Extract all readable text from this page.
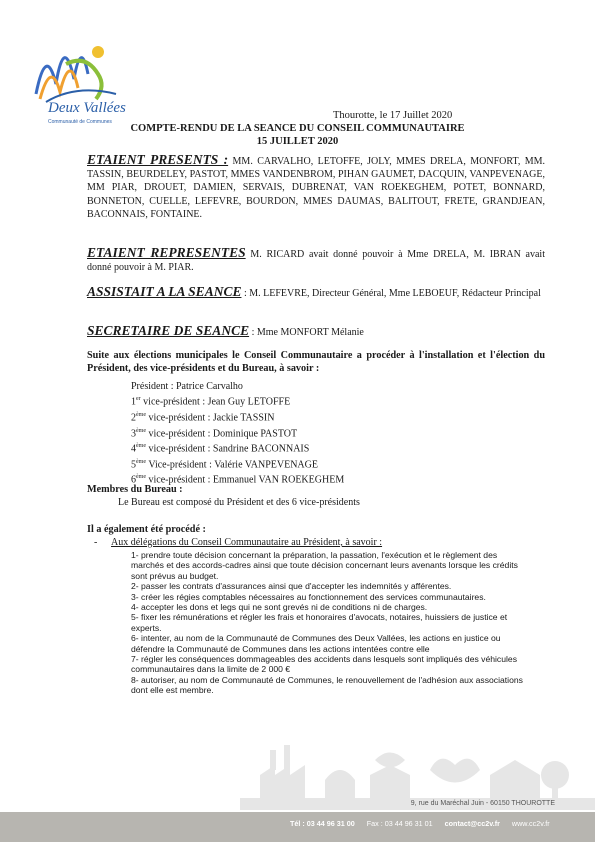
Deux Vallées
Communauté de Communes
Thourotte, le 17 Juillet 2020
COMPTE-RENDU DE LA SEANCE DU CONSEIL COMMUNAUTAIRE
15 JUILLET 2020
ETAIENT PRESENTS : MM. CARVALHO, LETOFFE, JOLY, MMES DRELA, MONFORT, MM. TASSIN, BEURDELEY, PASTOT, MMES VANDENBROM, PIHAN GAUMET, DACQUIN, VANPEVENAGE, MM PIAR, DROUET, DAMIEN, SERVAIS, DUBRENAT, VAN ROEKEGHEM, POTET, BONNARD, BONNETON, CUELLE, LEFEVRE, BOURDON, MMES DAUMAS, BALITOUT, FRETE, GRANDJEAN, BACONNAIS, FONTAINE.
ETAIENT REPRESENTES M. RICARD avait donné pouvoir à Mme DRELA, M. IBRAN avait donné pouvoir à M. PIAR.
ASSISTAIT A LA SEANCE : M. LEFEVRE, Directeur Général, Mme LEBOEUF, Rédacteur Principal
SECRETAIRE DE SEANCE : Mme MONFORT Mélanie
Suite aux élections municipales le Conseil Communautaire a procéder à l'installation et l'élection du Président, des vice-présidents et du Bureau, à savoir :
Président : Patrice Carvalho
1er vice-président : Jean Guy LETOFFE
2ème vice-président : Jackie TASSIN
3ème vice-président : Dominique PASTOT
4ème vice-président : Sandrine BACONNAIS
5ème Vice-président : Valérie VANPEVENAGE
6ème vice-président : Emmanuel VAN ROEKEGHEM
Membres du Bureau :
Le Bureau est composé du Président et des 6 vice-présidents
Il a également été procédé :
- Aux délégations du Conseil Communautaire au Président, à savoir :
1- prendre toute décision concernant la préparation, la passation, l'exécution et le règlement des marchés et des accords-cadres ainsi que toute décision concernant leurs avenants lorsque les crédits sont prévus au budget.
2- passer les contrats d'assurances ainsi que d'accepter les indemnités y afférentes.
3- créer les régies comptables nécessaires au fonctionnement des services communautaires.
4- accepter les dons et legs qui ne sont grevés ni de conditions ni de charges.
5- fixer les rémunérations et régler les frais et honoraires d'avocats, notaires, huissiers de justice et experts.
6- intenter, au nom de la Communauté de Communes des Deux Vallées, les actions en justice ou défendre la Communauté de Communes dans les actions intentées contre elle
7- régler les conséquences dommageables des accidents dans lesquels sont impliqués des véhicules communautaires dans la limite de 2 000 €
8- autoriser, au nom de Communauté de Communes, le renouvellement de l'adhésion aux associations dont elle est membre.
9, rue du Maréchal Juin - 60150 THOUROTTE
Tél : 03 44 96 31 00 Fax : 03 44 96 31 01 contact@cc2v.fr www.cc2v.fr
